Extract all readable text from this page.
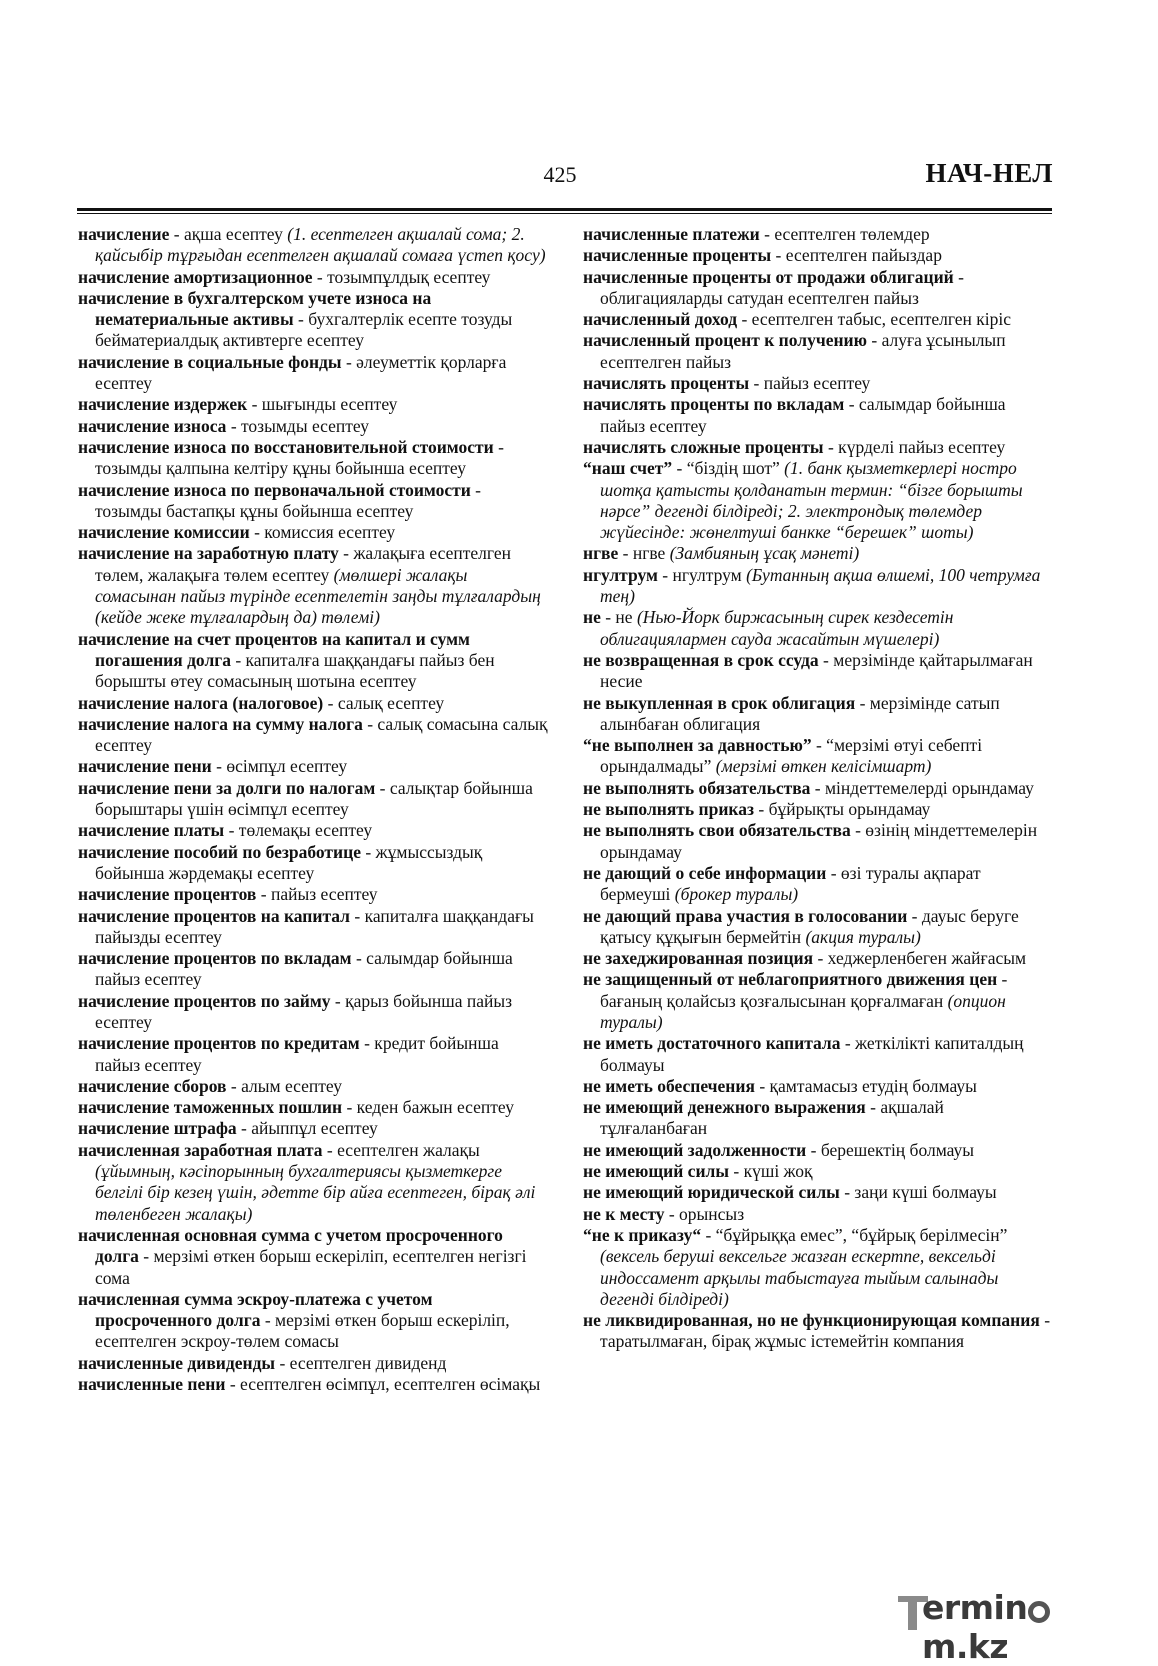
425	НАЧ-НЕЛ

начисление - ақша есептеу (1. есептелген ақшалай сома; 2. қайсыбір тұрғыдан есептелген ақшалай сомаға үстеп қосу)

начисление амортизационное - тозымпұлдық есептеу

начисление в бухгалтерском учете износа на нематериальные активы - бухгалтерлік есепте тозуды бейматериалдық активтерге есептеу

начисление в социальные фонды - әлеуметтік қорларға есептеу

начисление издержек - шығынды есептеу

начисление износа - тозымды есептеу

начисление износа по восстановительной стоимости - тозымды қалпына келтіру құны бойынша есептеу

начисление износа по первоначальной стоимости - тозымды бастапқы құны бойынша есептеу

начисление комиссии - комиссия есептеу

начисление на заработную плату - жалақыға есептелген төлем, жалақыға төлем есептеу (мөлшері жалақы сомасынан пайыз түрінде есептелетін заңды тұлғалардың (кейде жеке тұлғалардың да) төлемі)

начисление на счет процентов на капитал и сумм погашения долга - капиталға шаққандағы пайыз бен борышты өтеу сомасының шотына есептеу

начисление налога (налоговое) - салық есептеу

начисление налога на сумму налога - салық сомасына салық есептеу

начисление пени - өсімпұл есептеу

начисление пени за долги по налогам - салықтар бойынша борыштары үшін өсімпұл есептеу

начисление платы - төлемақы есептеу

начисление пособий по безработице - жұмыссыздық бойынша жәрдемақы есептеу

начисление процентов - пайыз есептеу

начисление процентов на капитал - капиталға шаққандағы пайызды есептеу

начисление процентов по вкладам - салымдар бойынша пайыз есептеу

начисление процентов по займу - қарыз бойынша пайыз есептеу

начисление процентов по кредитам - кредит бойынша пайыз есептеу

начисление сборов - алым есептеу

начисление таможенных пошлин - кеден бажын есептеу

начисление штрафа - айыппұл есептеу

начисленная заработная плата - есептелген жалақы (ұйымның, кәсіпорынның бухгалтериясы қызметкерге белгілі бір кезең үшін, әдетте бір айға есептеген, бірақ әлі төленбеген жалақы)

начисленная основная сумма с учетом просроченного долга - мерзімі өткен борыш ескеріліп, есептелген негізгі сома

начисленная сумма эскроу-платежа с учетом просроченного долга - мерзімі өткен борыш ескеріліп, есептелген эскроу-төлем сомасы

начисленные дивиденды - есептелген дивиденд

начисленные пени - есептелген өсімпұл, есептелген өсімақы

начисленные платежи - есептелген төлемдер

начисленные проценты - есептелген пайыздар

начисленные проценты от продажи облигаций - облигацияларды сатудан есептелген пайыз

начисленный доход - есептелген табыс, есептелген кіріс

начисленный процент к получению - алуға ұсынылып есептелген пайыз

начислять проценты - пайыз есептеу

начислять проценты по вкладам - салымдар бойынша пайыз есептеу

начислять сложные проценты - күрделі пайыз есептеу

“наш счет” - “біздің шот” (1. банк қызметкерлері ностро шотқа қатысты қолданатын термин: “бізге борышты нәрсе” дегенді білдіреді; 2. электрондық төлемдер жүйесінде: жөнелтуші банкке “берешек” шоты)

нгве - нгве (Замбияның ұсақ мәнеті)

нгултрум - нгултрум (Бутанның ақша өлшемі, 100 четрумға тең)

не - не (Нью-Йорк биржасының сирек кездесетін облигациялармен сауда жасайтын мүшелері)

не возвращенная в срок ссуда - мерзімінде қайтарылмаған несие

не выкупленная в срок облигация - мерзімінде сатып алынбаған облигация

“не выполнен за давностью” - “мерзімі өтуі себепті орындалмады” (мерзімі өткен келісімшарт)

не выполнять обязательства - міндеттемелерді орындамау

не выполнять приказ - бұйрықты орындамау

не выполнять свои обязательства - өзінің міндеттемелерін орындамау

не дающий о себе информации - өзі туралы ақпарат бермеуші (брокер туралы)

не дающий права участия в голосовании - дауыс беруге қатысу құқығын бермейтін (акция туралы)

не захеджированная позиция - хеджерленбеген жайғасым

не защищенный от неблагоприятного движения цен - бағаның қолайсыз қозғалысынан қорғалмаған (опцион туралы)

не иметь достаточного капитала - жеткілікті капиталдың болмауы

не иметь обеспечения - қамтамасыз етудің болмауы

не имеющий денежного выражения - ақшалай тұлғаланбаған

не имеющий задолженности - берешектің болмауы

не имеющий силы - күші жоқ

не имеющий юридической силы - заңи күші болмауы

не к месту - орынсыз

“не к приказу“ - “бұйрыққа емес”, “бұйрық берілмесін” (вексель беруші вексельге жазған ескертпе, вексельді индоссамент арқылы табыстауға тыйым салынады дегенді білдіреді)

не ликвидированная, но не функционирующая компания - таратылмаған, бірақ жұмыс істемейтін компания

erminm.kz
